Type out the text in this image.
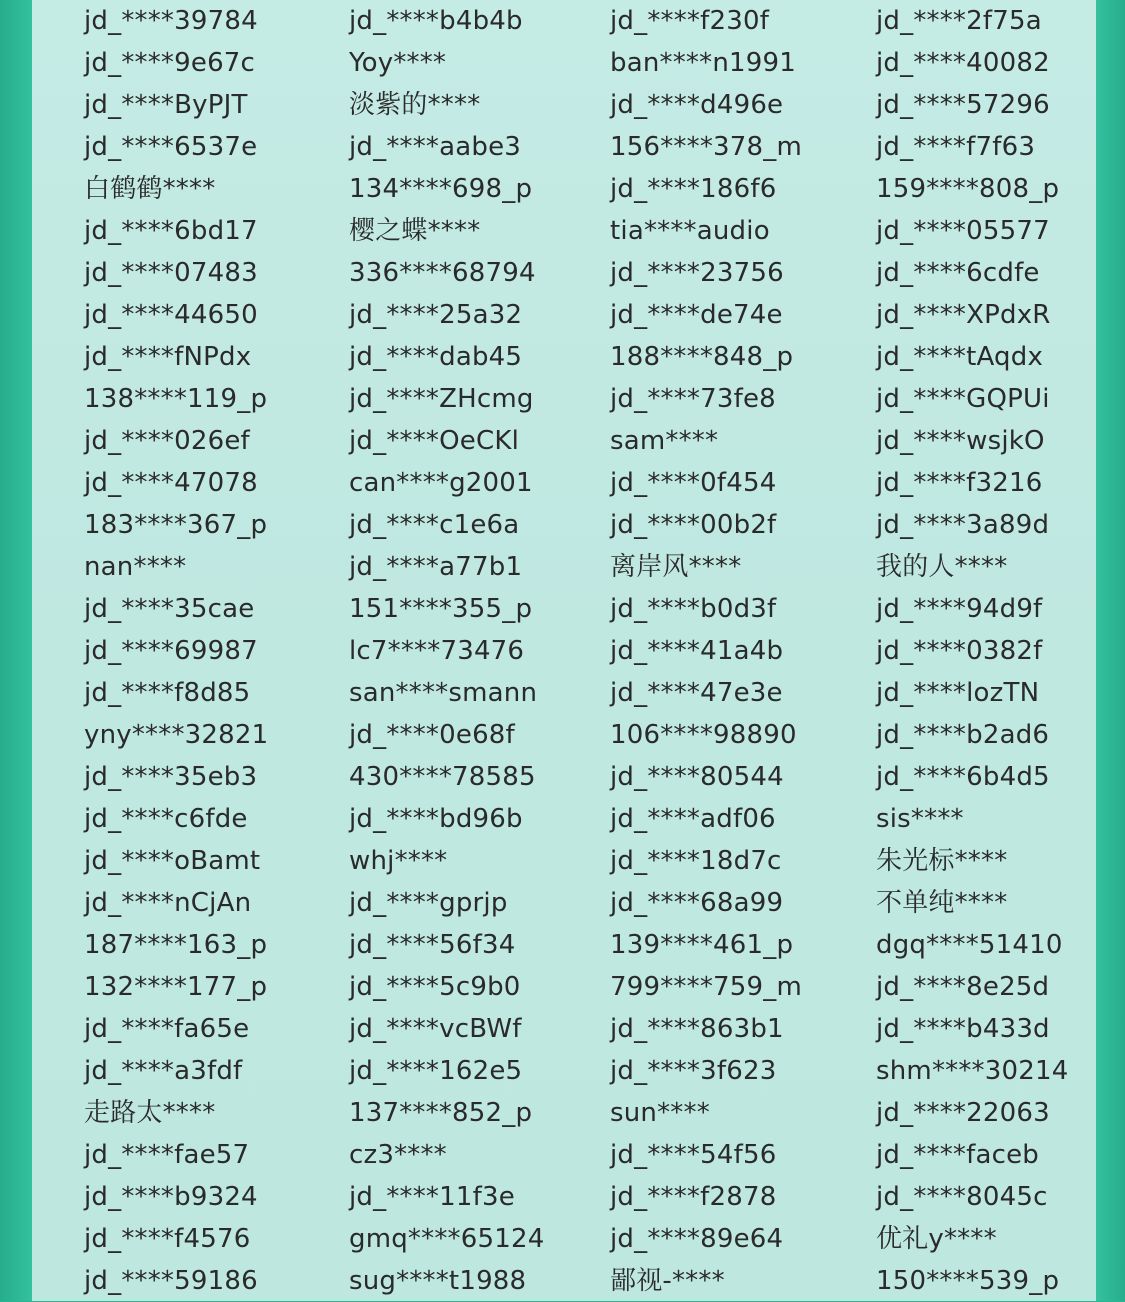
jd_****39784	jd_****b4b4b	jd_****f230f	jd_****2f75a
jd_****9e67c	Yoy****	ban****n1991	jd_****40082
jd_****ByPJT	淡紫的****	jd_****d496e	jd_****57296
jd_****6537e	jd_****aabe3	156****378_m	jd_****f7f63
白鹤鹤****	134****698_p	jd_****186f6	159****808_p
jd_****6bd17	樱之蝶****	tia****audio	jd_****05577
jd_****07483	336****68794	jd_****23756	jd_****6cdfe
jd_****44650	jd_****25a32	jd_****de74e	jd_****XPdxR
jd_****fNPdx	jd_****dab45	188****848_p	jd_****tAqdx
138****119_p	jd_****ZHcmg	jd_****73fe8	jd_****GQPUi
jd_****026ef	jd_****OeCKl	sam****	jd_****wsjkO
jd_****47078	can****g2001	jd_****0f454	jd_****f3216
183****367_p	jd_****c1e6a	jd_****00b2f	jd_****3a89d
nan****	jd_****a77b1	离岸风****	我的人****
jd_****35cae	151****355_p	jd_****b0d3f	jd_****94d9f
jd_****69987	lc7****73476	jd_****41a4b	jd_****0382f
jd_****f8d85	san****smann	jd_****47e3e	jd_****lozTN
yny****32821	jd_****0e68f	106****98890	jd_****b2ad6
jd_****35eb3	430****78585	jd_****80544	jd_****6b4d5
jd_****c6fde	jd_****bd96b	jd_****adf06	sis****
jd_****oBamt	whj****	jd_****18d7c	朱光标****
jd_****nCjAn	jd_****gprjp	jd_****68a99	不单纯****
187****163_p	jd_****56f34	139****461_p	dgq****51410
132****177_p	jd_****5c9b0	799****759_m	jd_****8e25d
jd_****fa65e	jd_****vcBWf	jd_****863b1	jd_****b433d
jd_****a3fdf	jd_****162e5	jd_****3f623	shm****30214
走路太****	137****852_p	sun****	jd_****22063
jd_****fae57	cz3****	jd_****54f56	jd_****faceb
jd_****b9324	jd_****11f3e	jd_****f2878	jd_****8045c
jd_****f4576	gmq****65124	jd_****89e64	优礼y****
jd_****59186	sug****t1988	鄙视-****	150****539_p
